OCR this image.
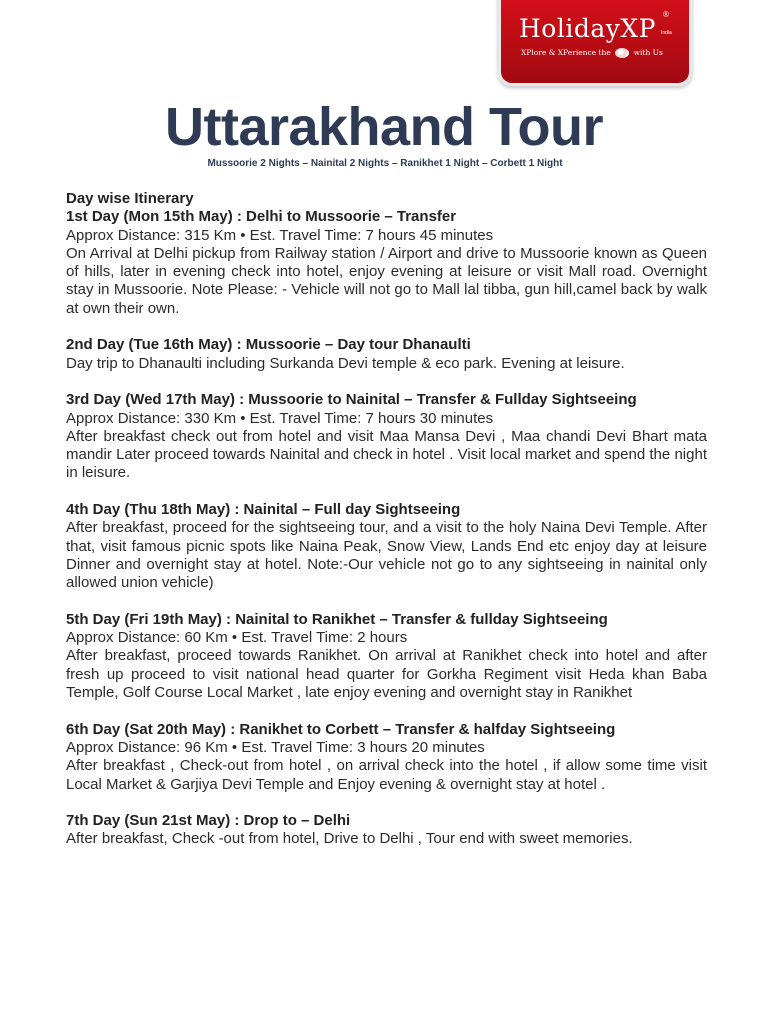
HolidayXP ®
India
XPlore & XPerience the	with Us
Uttarakhand Tour
Mussoorie 2 Nights – Nainital 2 Nights – Ranikhet 1 Night – Corbett 1 Night
Day wise Itinerary
1st Day (Mon 15th May) : Delhi to Mussoorie – Transfer
Approx Distance: 315 Km • Est. Travel Time: 7 hours 45 minutes
On Arrival at Delhi pickup from Railway station / Airport and drive to Mussoorie known as Queen of hills, later in evening check into hotel, enjoy evening at leisure or visit Mall road. Overnight stay in Mussoorie. Note Please: - Vehicle will not go to Mall lal tibba, gun hill,camel back by walk at own their own.
2nd Day (Tue 16th May) : Mussoorie – Day tour Dhanaulti
Day trip to Dhanaulti including Surkanda Devi temple & eco park. Evening at leisure.
3rd Day (Wed 17th May) : Mussoorie to Nainital – Transfer & Fullday Sightseeing
Approx Distance: 330 Km • Est. Travel Time: 7 hours 30 minutes
After breakfast check out from hotel and visit Maa Mansa Devi , Maa chandi Devi Bhart mata mandir Later proceed towards Nainital and check in hotel . Visit local market and spend the night in leisure.
4th Day (Thu 18th May) : Nainital – Full day Sightseeing
After breakfast, proceed for the sightseeing tour, and a visit to the holy Naina Devi Temple. After that, visit famous picnic spots like Naina Peak, Snow View, Lands End etc enjoy day at leisure Dinner and overnight stay at hotel. Note:-Our vehicle not go to any sightseeing in nainital only allowed union vehicle)
5th Day (Fri 19th May) : Nainital to Ranikhet – Transfer & fullday Sightseeing
Approx Distance: 60 Km • Est. Travel Time: 2 hours
After breakfast, proceed towards Ranikhet. On arrival at Ranikhet check into hotel and after fresh up proceed to visit national head quarter for Gorkha Regiment visit Heda khan Baba Temple, Golf Course Local Market , late enjoy evening and overnight stay in Ranikhet
6th Day (Sat 20th May) : Ranikhet to Corbett – Transfer & halfday Sightseeing
Approx Distance: 96 Km • Est. Travel Time: 3 hours 20 minutes
After breakfast , Check-out from hotel , on arrival check into the hotel , if allow some time visit Local Market & Garjiya Devi Temple and Enjoy evening & overnight stay at hotel .
7th Day (Sun 21st May) : Drop to – Delhi
After breakfast, Check -out from hotel, Drive to Delhi , Tour end with sweet memories.
